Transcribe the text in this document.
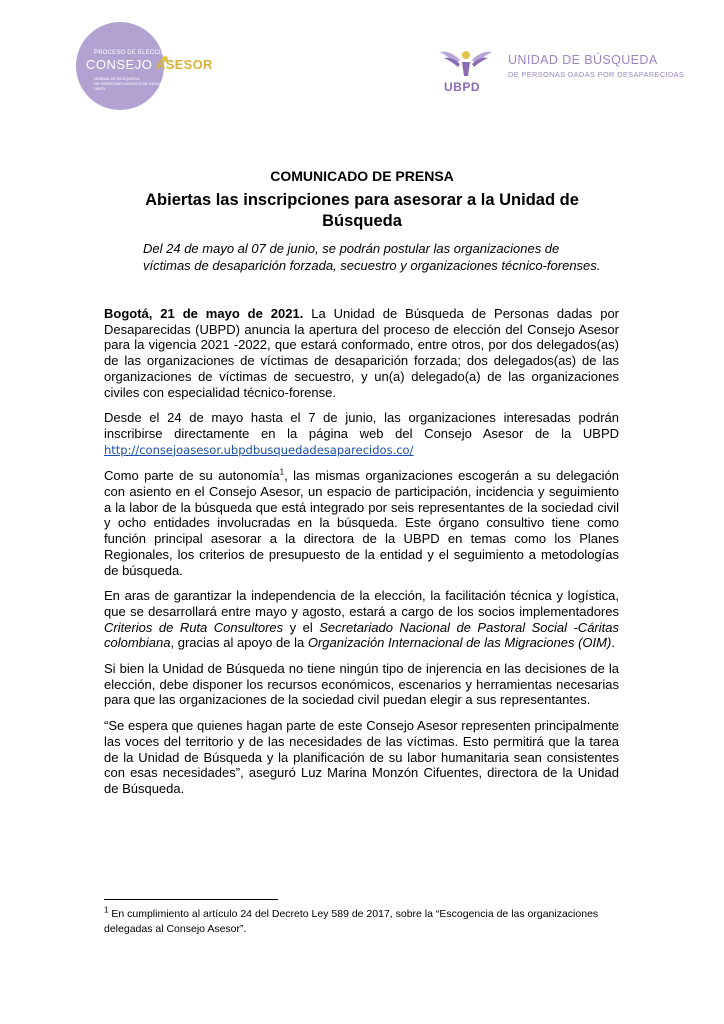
PROCESO DE ELECCIÓN
CONSEJO ASESOR
UNIDAD DE BÚSQUEDA
DE PERSONAS DADAS POR DESAPARECIDAS
UBPD	UBPD
UNIDAD DE BÚSQUEDA
DE PERSONAS DADAS POR DESAPARECIDAS
COMUNICADO DE PRENSA
Abiertas las inscripciones para asesorar a la Unidad de Búsqueda
Del 24 de mayo al 07 de junio, se podrán postular las organizaciones de víctimas de desaparición forzada, secuestro y organizaciones técnico-forenses.

Bogotá, 21 de mayo de 2021. La Unidad de Búsqueda de Personas dadas por Desaparecidas (UBPD) anuncia la apertura del proceso de elección del Consejo Asesor para la vigencia 2021 -2022, que estará conformado, entre otros, por dos delegados(as) de las organizaciones de víctimas de desaparición forzada; dos delegados(as) de las organizaciones de víctimas de secuestro, y un(a) delegado(a) de las organizaciones civiles con especialidad técnico-forense.

Desde el 24 de mayo hasta el 7 de junio, las organizaciones interesadas podrán inscribirse directamente en la página web del Consejo Asesor de la UBPD http://consejoasesor.ubpdbusquedadesaparecidos.co/

Como parte de su autonomía$^1$, las mismas organizaciones escogerán a su delegación con asiento en el Consejo Asesor, un espacio de participación, incidencia y seguimiento a la labor de la búsqueda que está integrado por seis representantes de la sociedad civil y ocho entidades involucradas en la búsqueda. Este órgano consultivo tiene como función principal asesorar a la directora de la UBPD en temas como los Planes Regionales, los criterios de presupuesto de la entidad y el seguimiento a metodologías de búsqueda.

En aras de garantizar la independencia de la elección, la facilitación técnica y logística, que se desarrollará entre mayo y agosto, estará a cargo de los socios implementadores Criterios de Ruta Consultores y el Secretariado Nacional de Pastoral Social -Cáritas colombiana, gracias al apoyo de la Organización Internacional de las Migraciones (OIM).

Si bien la Unidad de Búsqueda no tiene ningún tipo de injerencia en las decisiones de la elección, debe disponer los recursos económicos, escenarios y herramientas necesarias para que las organizaciones de la sociedad civil puedan elegir a sus representantes.

“Se espera que quienes hagan parte de este Consejo Asesor representen principalmente las voces del territorio y de las necesidades de las víctimas. Esto permitirá que la tarea de la Unidad de Búsqueda y la planificación de su labor humanitaria sean consistentes con esas necesidades”, aseguró Luz Marina Monzón Cifuentes, directora de la Unidad de Búsqueda.

$^1$ En cumplimiento al artículo 24 del Decreto Ley 589 de 2017, sobre la “Escogencia de las organizaciones delegadas al Consejo Asesor”.
